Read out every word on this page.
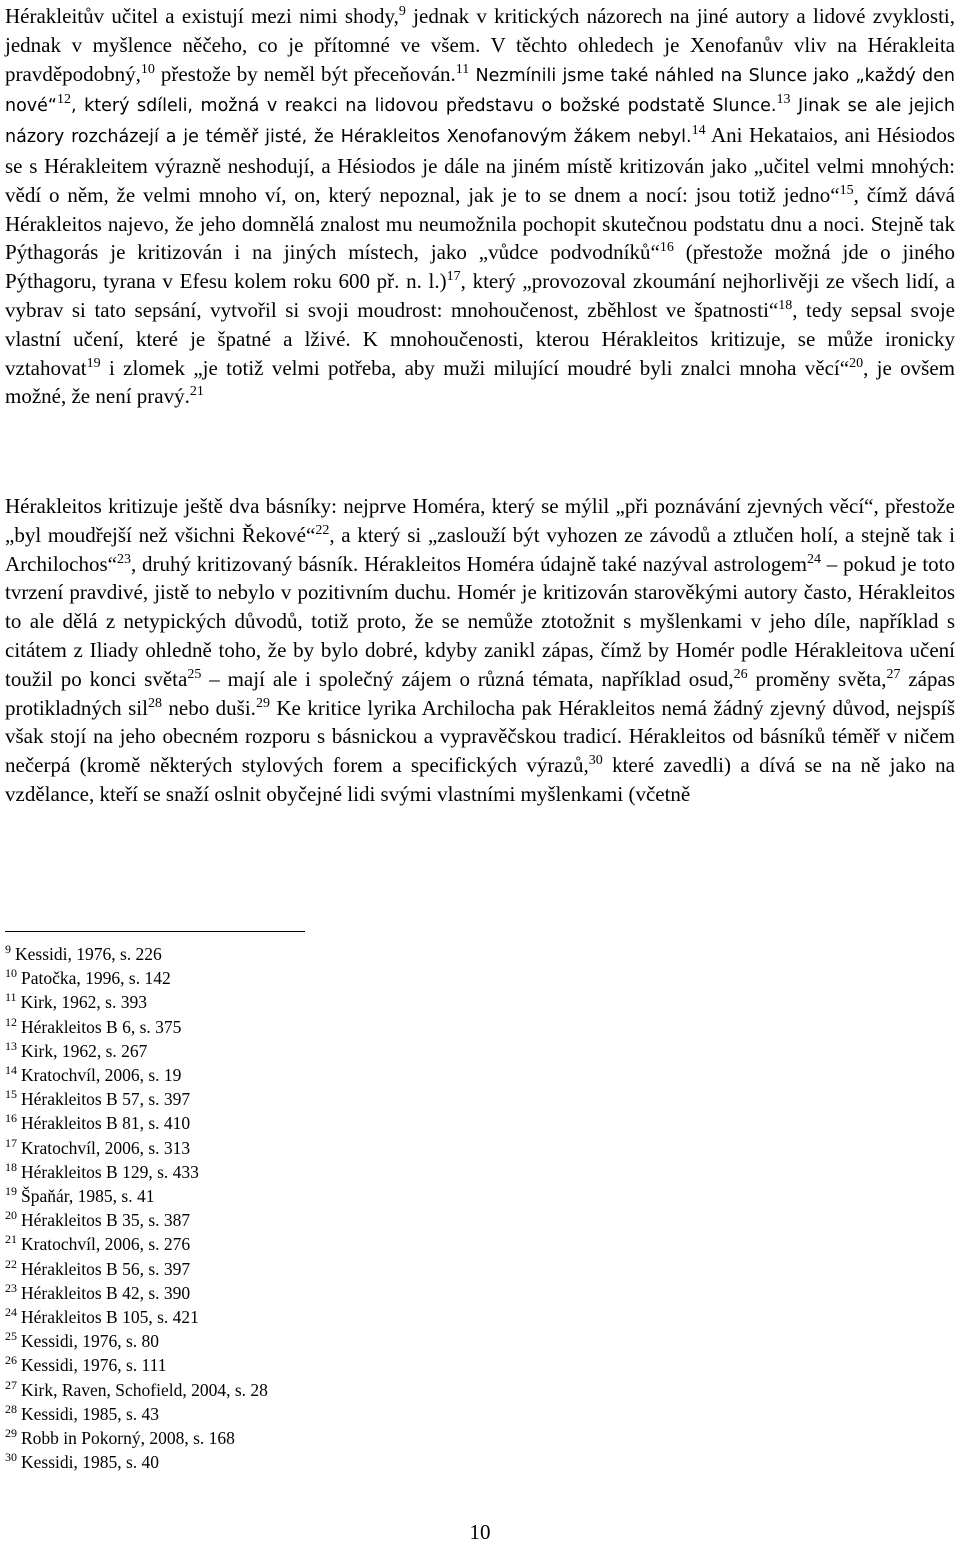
Hérakleitův učitel a existují mezi nimi shody,$^9$ jednak v kritických názorech na jiné autory a lidové zvyklosti, jednak v myšlence něčeho, co je přítomné ve všem. V těchto ohledech je Xenofanův vliv na Hérakleita pravděpodobný,$^{10}$ přestože by neměl být přeceňován.$^{11}$ Nezmínili jsme také náhled na Slunce jako „každý den nové“$^{12}$, který sdíleli, možná v reakci na lidovou představu o božské podstatě Slunce.$^{13}$ Jinak se ale jejich názory rozcházejí a je téměř jisté, že Hérakleitos Xenofanovým žákem nebyl.$^{14}$ Ani Hekataios, ani Hésiodos se s Hérakleitem výrazně neshodují, a Hésiodos je dále na jiném místě kritizován jako „učitel velmi mnohých: vědí o něm, že velmi mnoho ví, on, který nepoznal, jak je to se dnem a nocí: jsou totiž jedno“$^{15}$, čímž dává Hérakleitos najevo, že jeho domnělá znalost mu neumožnila pochopit skutečnou podstatu dnu a noci. Stejně tak Pýthagorás je kritizován i na jiných místech, jako „vůdce podvodníků“$^{16}$ (přestože možná jde o jiného Pýthagoru, tyrana v Efesu kolem roku 600 př. n. l.)$^{17}$, který „provozoval zkoumání nejhorlivěji ze všech lidí, a vybrav si tato sepsání, vytvořil si svoji moudrost: mnohoučenost, zběhlost ve špatnosti“$^{18}$, tedy sepsal svoje vlastní učení, které je špatné a lživé. K mnohoučenosti, kterou Hérakleitos kritizuje, se může ironicky vztahovat$^{19}$ i zlomek „je totiž velmi potřeba, aby muži milující moudré byli znalci mnoha věcí“$^{20}$, je ovšem možné, že není pravý.$^{21}$

Hérakleitos kritizuje ještě dva básníky: nejprve Homéra, který se mýlil „při poznávání zjevných věcí“, přestože „byl moudřejší než všichni Řekové“$^{22}$, a který si „zaslouží být vyhozen ze závodů a ztlučen holí, a stejně tak i Archilochos“$^{23}$, druhý kritizovaný básník. Hérakleitos Homéra údajně také nazýval astrologem$^{24}$ – pokud je toto tvrzení pravdivé, jistě to nebylo v pozitivním duchu. Homér je kritizován starověkými autory často, Hérakleitos to ale dělá z netypických důvodů, totiž proto, že se nemůže ztotožnit s myšlenkami v jeho díle, například s citátem z Iliady ohledně toho, že by bylo dobré, kdyby zanikl zápas, čímž by Homér podle Hérakleitova učení toužil po konci světa$^{25}$ – mají ale i společný zájem o různá témata, například osud,$^{26}$ proměny světa,$^{27}$ zápas protikladných sil$^{28}$ nebo duši.$^{29}$ Ke kritice lyrika Archilocha pak Hérakleitos nemá žádný zjevný důvod, nejspíš však stojí na jeho obecném rozporu s básnickou a vypravěčskou tradicí. Hérakleitos od básníků téměř v ničem nečerpá (kromě některých stylových forem a specifických výrazů,$^{30}$ které zavedli) a dívá se na ně jako na vzdělance, kteří se snaží oslnit obyčejné lidi svými vlastními myšlenkami (včetně

$^9$ Kessidi, 1976, s. 226
$^{10}$ Patočka, 1996, s. 142
$^{11}$ Kirk, 1962, s. 393
$^{12}$ Hérakleitos B 6, s. 375
$^{13}$ Kirk, 1962, s. 267
$^{14}$ Kratochvíl, 2006, s. 19
$^{15}$ Hérakleitos B 57, s. 397
$^{16}$ Hérakleitos B 81, s. 410
$^{17}$ Kratochvíl, 2006, s. 313
$^{18}$ Hérakleitos B 129, s. 433
$^{19}$ Špaňár, 1985, s. 41
$^{20}$ Hérakleitos B 35, s. 387
$^{21}$ Kratochvíl, 2006, s. 276
$^{22}$ Hérakleitos B 56, s. 397
$^{23}$ Hérakleitos B 42, s. 390
$^{24}$ Hérakleitos B 105, s. 421
$^{25}$ Kessidi, 1976, s. 80
$^{26}$ Kessidi, 1976, s. 111
$^{27}$ Kirk, Raven, Schofield, 2004, s. 28
$^{28}$ Kessidi, 1985, s. 43
$^{29}$ Robb in Pokorný, 2008, s. 168
$^{30}$ Kessidi, 1985, s. 40
10
